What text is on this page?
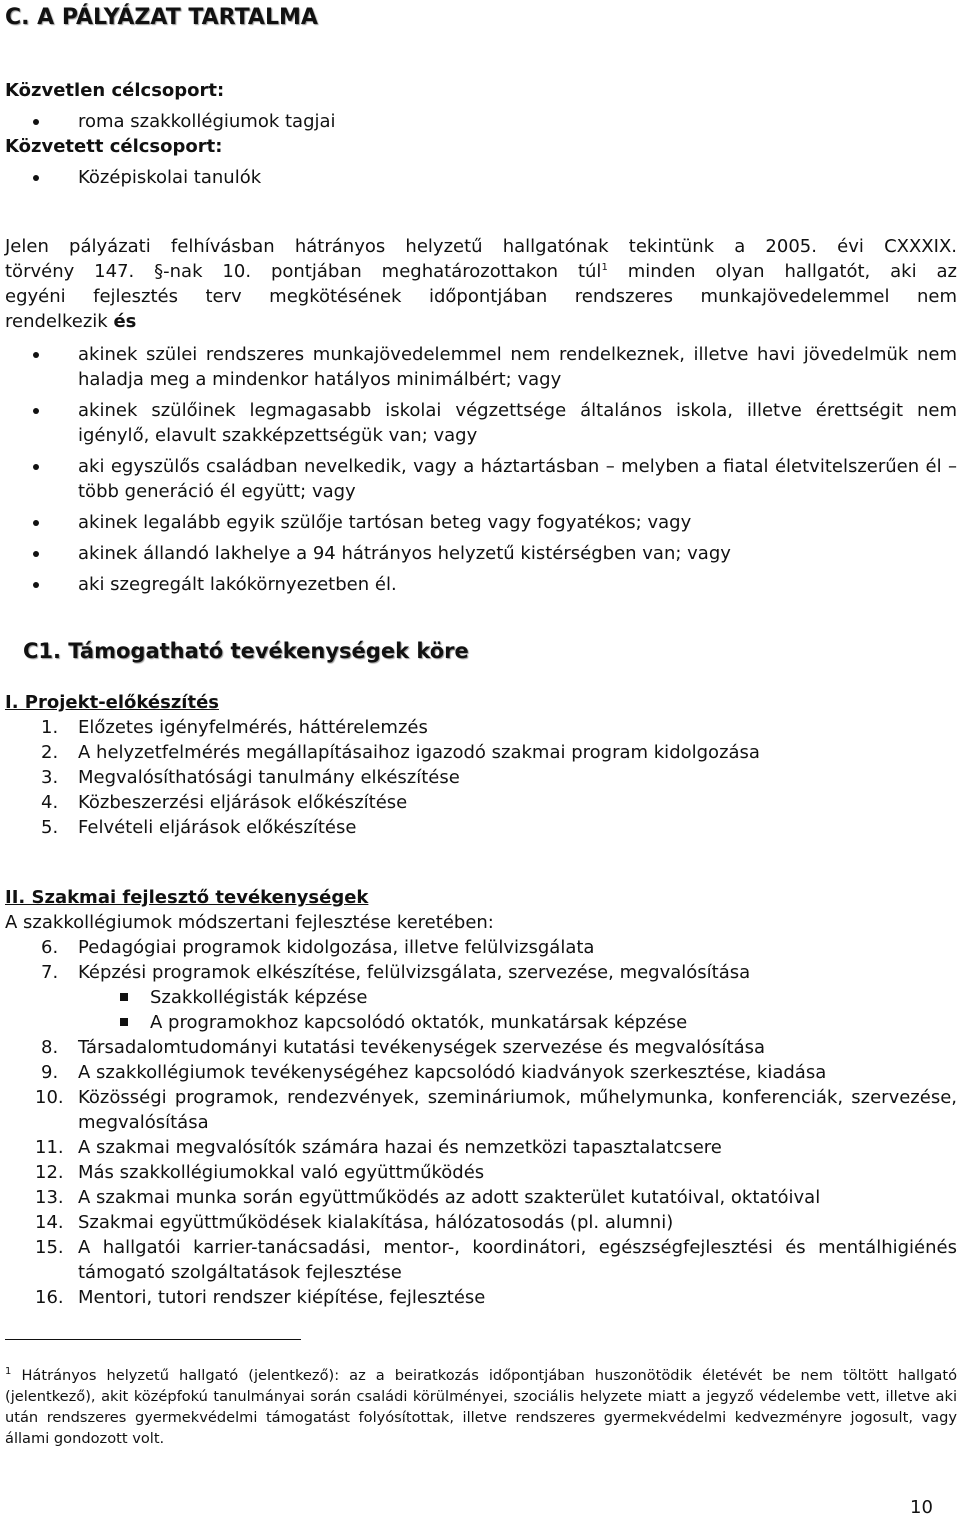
C. A PÁLYÁZAT TARTALMA
Közvetlen célcsoport:
roma szakkollégiumok tagjai
Közvetett célcsoport:
Középiskolai tanulók
Jelen pályázati felhívásban hátrányos helyzetű hallgatónak tekintünk a 2005. évi CXXXIX.
törvény 147. §-nak 10. pontjában meghatározottakon túl$^1$ minden olyan hallgatót, aki az
egyéni fejlesztés terv megkötésének időpontjában rendszeres munkajövedelemmel nem
rendelkezik és
akinek szülei rendszeres munkajövedelemmel nem rendelkeznek, illetve havi jövedelmük nem haladja meg a mindenkor hatályos minimálbért; vagy
akinek szülőinek legmagasabb iskolai végzettsége általános iskola, illetve érettségit nem igénylő, elavult szakképzettségük van; vagy
aki egyszülős családban nevelkedik, vagy a háztartásban – melyben a fiatal életvitelszerűen él – több generáció él együtt; vagy
akinek legalább egyik szülője tartósan beteg vagy fogyatékos; vagy
akinek állandó lakhelye a 94 hátrányos helyzetű kistérségben van; vagy
aki szegregált lakókörnyezetben él.
C1. Támogatható tevékenységek köre
I. Projekt-előkészítés
1. Előzetes igényfelmérés, háttérelemzés
2. A helyzetfelmérés megállapításaihoz igazodó szakmai program kidolgozása
3. Megvalósíthatósági tanulmány elkészítése
4. Közbeszerzési eljárások előkészítése
5. Felvételi eljárások előkészítése
II. Szakmai fejlesztő tevékenységek
A szakkollégiumok módszertani fejlesztése keretében:
6. Pedagógiai programok kidolgozása, illetve felülvizsgálata
7. Képzési programok elkészítése, felülvizsgálata, szervezése, megvalósítása
Szakkollégisták képzése
A programokhoz kapcsolódó oktatók, munkatársak képzése
8. Társadalomtudományi kutatási tevékenységek szervezése és megvalósítása
9. A szakkollégiumok tevékenységéhez kapcsolódó kiadványok szerkesztése, kiadása
10. Közösségi programok, rendezvények, szemináriumok, műhelymunka, konferenciák, szervezése, megvalósítása
11. A szakmai megvalósítók számára hazai és nemzetközi tapasztalatcsere
12. Más szakkollégiumokkal való együttműködés
13. A szakmai munka során együttműködés az adott szakterület kutatóival, oktatóival
14. Szakmai együttműködések kialakítása, hálózatosodás (pl. alumni)
15. A hallgatói karrier-tanácsadási, mentor-, koordinátori, egészségfejlesztési és mentálhigiénés támogató szolgáltatások fejlesztése
16. Mentori, tutori rendszer kiépítése, fejlesztése
$^1$ Hátrányos helyzetű hallgató (jelentkező): az a beiratkozás időpontjában huszonötödik életévét be nem töltött hallgató (jelentkező), akit középfokú tanulmányai során családi körülményei, szociális helyzete miatt a jegyző védelembe vett, illetve aki után rendszeres gyermekvédelmi támogatást folyósítottak, illetve rendszeres gyermekvédelmi kedvezményre jogosult, vagy állami gondozott volt.
10
